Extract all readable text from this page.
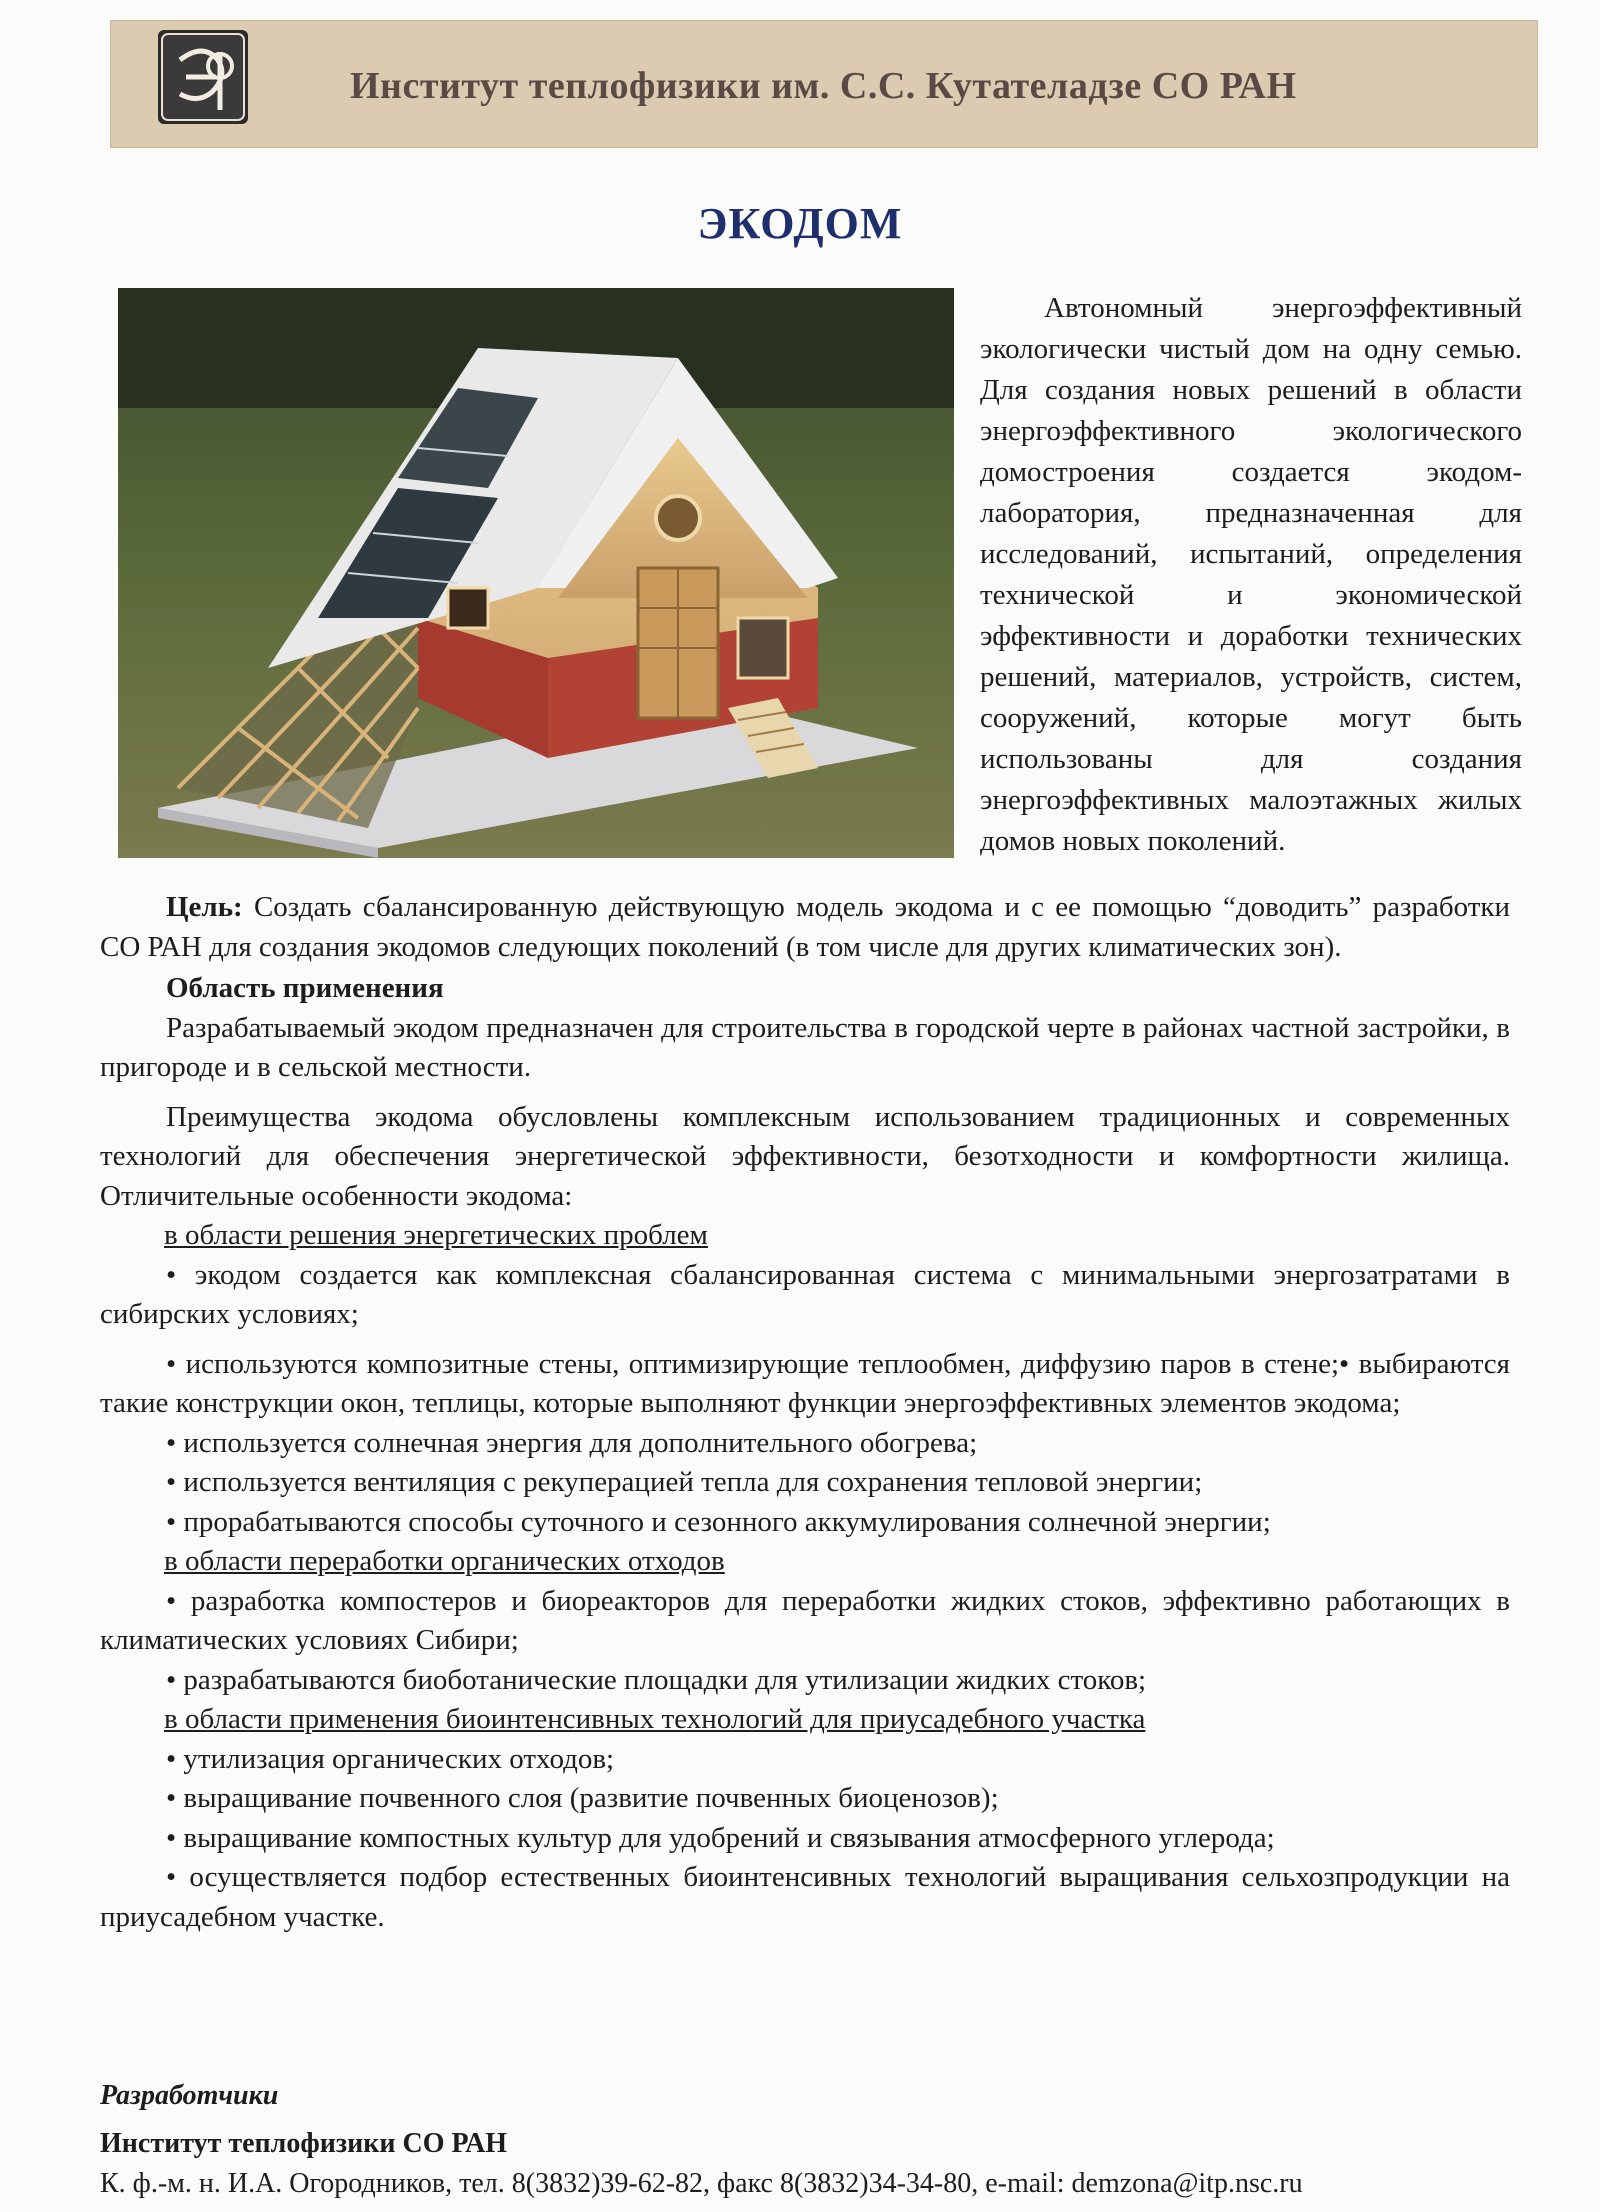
Институт теплофизики им. С.С. Кутателадзе СО РАН
ЭКОДОМ
Автономный энергоэффективный экологически чистый дом на одну семью. Для создания новых решений в области энергоэффективного экологического домостроения создается экодом-лаборатория, предназначенная для исследований, испытаний, определения технической и экономической эффективности и доработки технических решений, материалов, устройств, систем, сооружений, которые могут быть использованы для создания энергоэффективных малоэтажных жилых домов новых поколений.

Цель: Создать сбалансированную действующую модель экодома и с ее помощью “доводить” разработки СО РАН для создания экодомов следующих поколений (в том числе для других климатических зон).

Область применения

Разрабатываемый экодом предназначен для строительства в городской черте в районах частной застройки, в пригороде и в сельской местности.

Преимущества экодома обусловлены комплексным использованием традиционных и современных технологий для обеспечения энергетической эффективности, безотходности и комфортности жилища. Отличительные особенности экодома:

в области решения энергетических проблем

• экодом создается как комплексная сбалансированная система с минимальными энергозатратами в сибирских условиях;

• используются композитные стены, оптимизирующие теплообмен, диффузию паров в стене;• выбираются такие конструкции окон, теплицы, которые выполняют функции энергоэффективных элементов экодома;

• используется солнечная энергия для дополнительного обогрева;

• используется вентиляция с рекуперацией тепла для сохранения тепловой энергии;

• прорабатываются способы суточного и сезонного аккумулирования солнечной энергии;

в области переработки органических отходов

• разработка компостеров и биореакторов для переработки жидких стоков, эффективно работающих в климатических условиях Сибири;

• разрабатываются биоботанические площадки для утилизации жидких стоков;

в области применения биоинтенсивных технологий для приусадебного участка

• утилизация органических отходов;

• выращивание почвенного слоя (развитие почвенных биоценозов);

• выращивание компостных культур для удобрений и связывания атмосферного углерода;

• осуществляется подбор естественных биоинтенсивных технологий выращивания сельхозпродукции на приусадебном участке.

Разработчики
Институт теплофизики СО РАН
К. ф.-м. н. И.А. Огородников, тел. 8(3832)39-62-82, факс 8(3832)34-34-80, e-mail: demzona@itp.nsc.ru
